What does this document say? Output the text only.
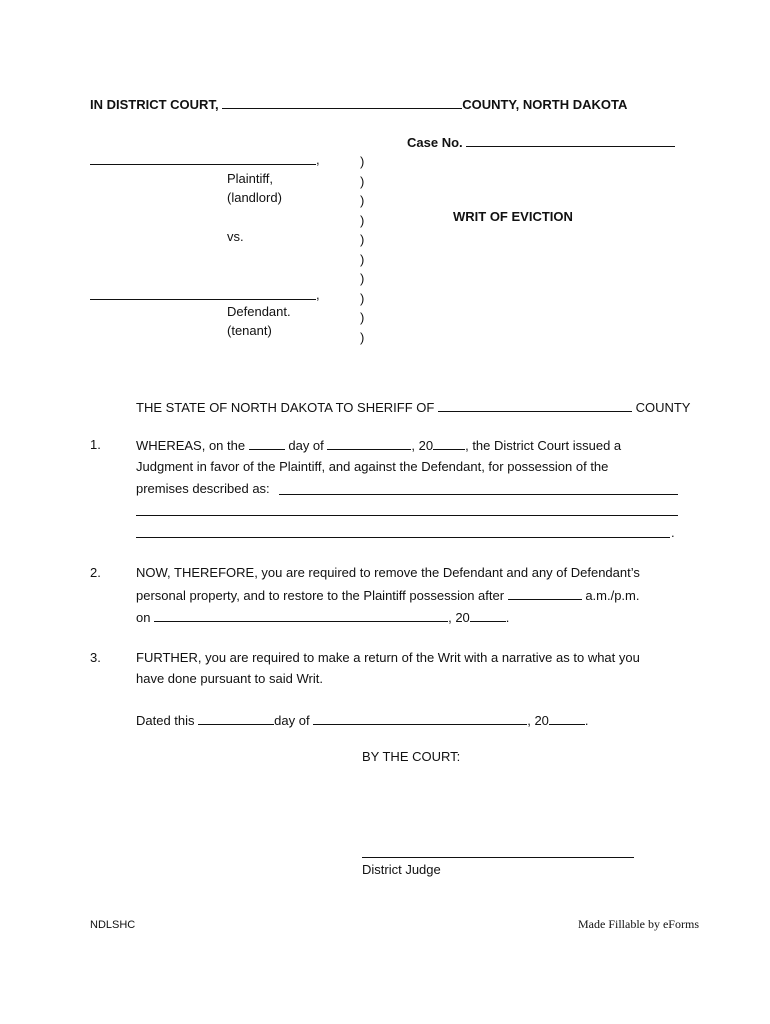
IN DISTRICT COURT,	COUNTY, NORTH DAKOTA
Case No.
,
Plaintiff,
(landlord)
vs.
,
Defendant.
(tenant)
)
)
)
)
)
)
)
)
)
)
WRIT OF EVICTION
THE STATE OF NORTH DAKOTA TO SHERIFF OF	COUNTY
1.	WHEREAS, on the	day of	, 20 , the District Court issued a
Judgment in favor of the Plaintiff, and against the Defendant, for possession of the
premises described as:
.
2.	NOW, THEREFORE, you are required to remove the Defendant and any of Defendant’s
personal property, and to restore to the Plaintiff possession after	a.m./p.m.
on	, 20	.
3.	FURTHER, you are required to make a return of the Writ with a narrative as to what you
have done pursuant to said Writ.
Dated this	day of	, 20	.
BY THE COURT:
District Judge
NDLSHC	Made Fillable by eForms
